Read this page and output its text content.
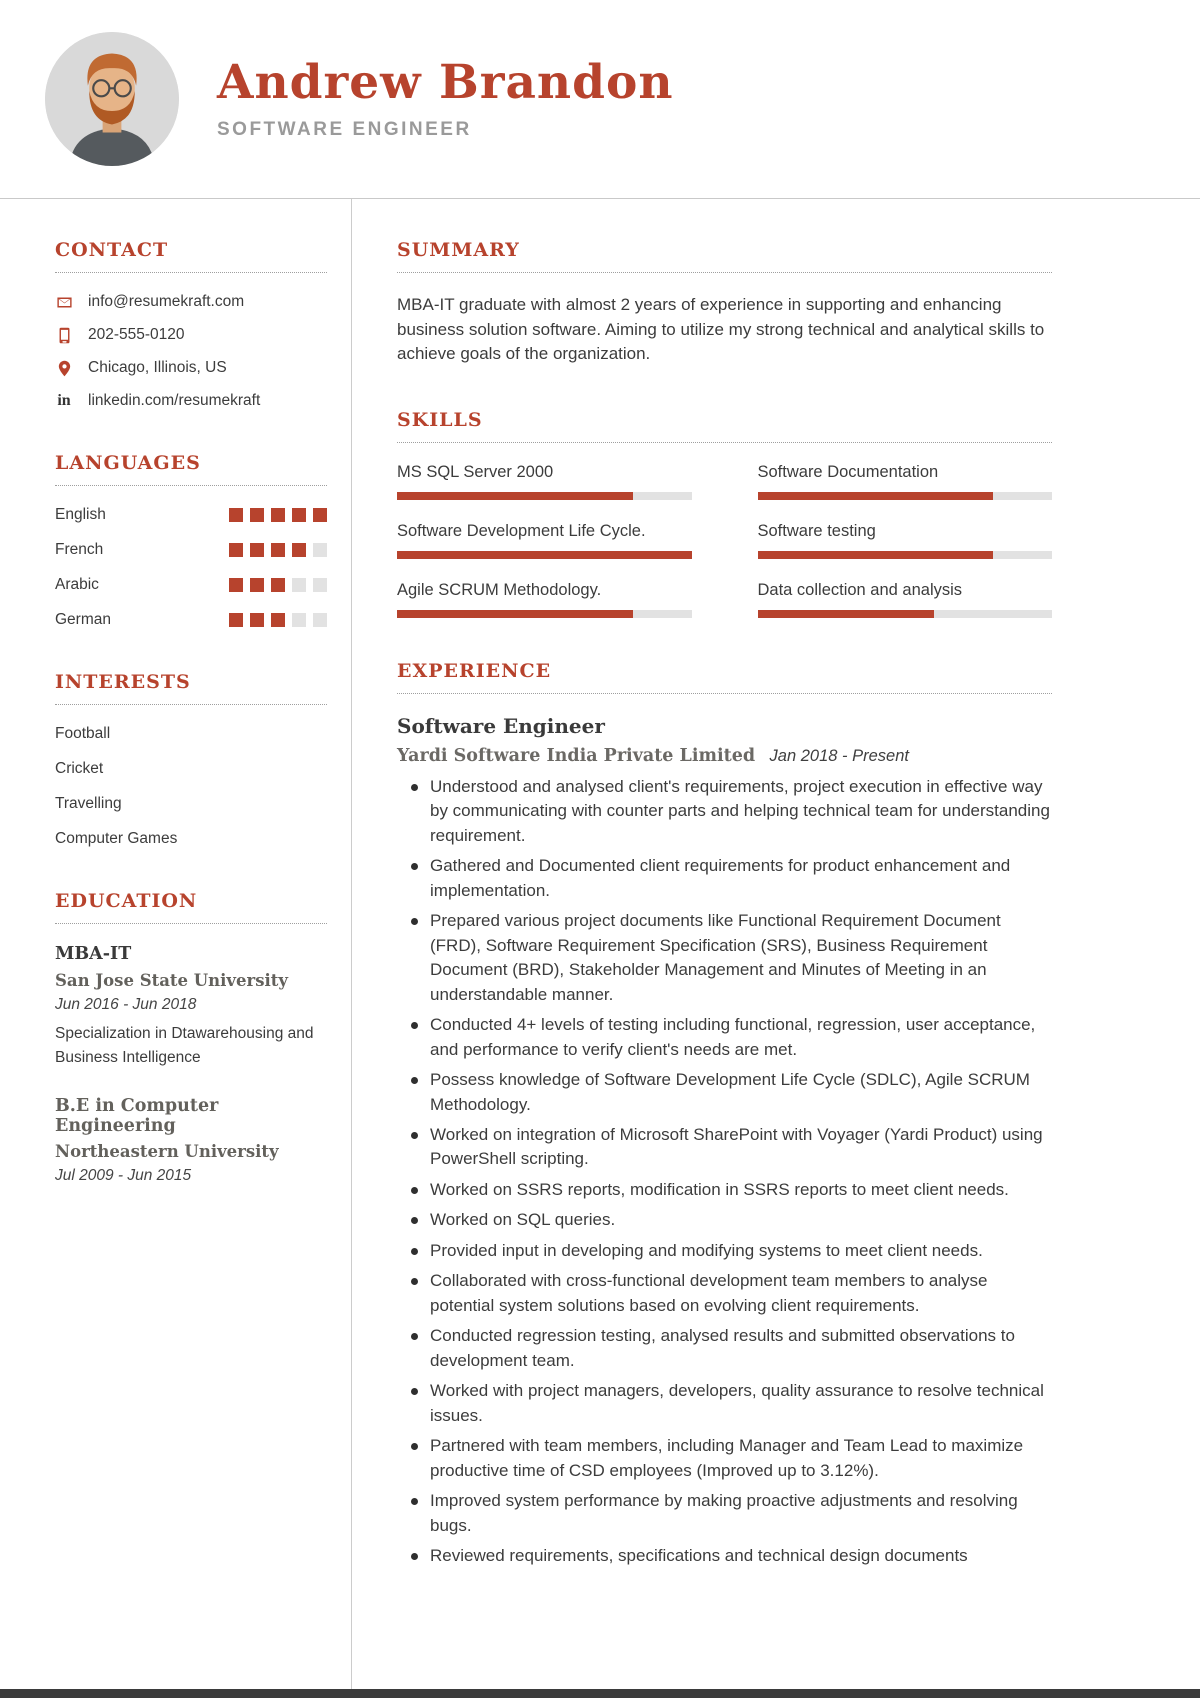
Andrew Brandon
SOFTWARE ENGINEER
CONTACT
info@resumekraft.com
202-555-0120
Chicago, Illinois, US
in linkedin.com/resumekraft
LANGUAGES
English
French
Arabic
German
INTERESTS
Football
Cricket
Travelling
Computer Games
EDUCATION
MBA-IT
San Jose State University
Jun 2016 - Jun 2018
Specialization in Dtawarehousing and Business Intelligence
B.E in Computer Engineering
Northeastern University
Jul 2009 - Jun 2015
SUMMARY

MBA-IT graduate with almost 2 years of experience in supporting and enhancing business solution software. Aiming to utilize my strong technical and analytical skills to achieve goals of the organization.

SKILLS
MS SQL Server 2000	Software Documentation
Software Development Life Cycle.	Software testing
Agile SCRUM Methodology.	Data collection and analysis
EXPERIENCE
Software Engineer
Yardi Software India Private Limited Jan 2018 - Present
Understood and analysed client's requirements, project execution in effective way by communicating with counter parts and helping technical team for understanding requirement.
Gathered and Documented client requirements for product enhancement and implementation.
Prepared various project documents like Functional Requirement Document (FRD), Software Requirement Specification (SRS), Business Requirement Document (BRD), Stakeholder Management and Minutes of Meeting in an understandable manner.
Conducted 4+ levels of testing including functional, regression, user acceptance, and performance to verify client's needs are met.
Possess knowledge of Software Development Life Cycle (SDLC), Agile SCRUM Methodology.
Worked on integration of Microsoft SharePoint with Voyager (Yardi Product) using PowerShell scripting.
Worked on SSRS reports, modification in SSRS reports to meet client needs.
Worked on SQL queries.
Provided input in developing and modifying systems to meet client needs.
Collaborated with cross-functional development team members to analyse potential system solutions based on evolving client requirements.
Conducted regression testing, analysed results and submitted observations to development team.
Worked with project managers, developers, quality assurance to resolve technical issues.
Partnered with team members, including Manager and Team Lead to maximize productive time of CSD employees (Improved up to 3.12%).
Improved system performance by making proactive adjustments and resolving bugs.
Reviewed requirements, specifications and technical design documents
